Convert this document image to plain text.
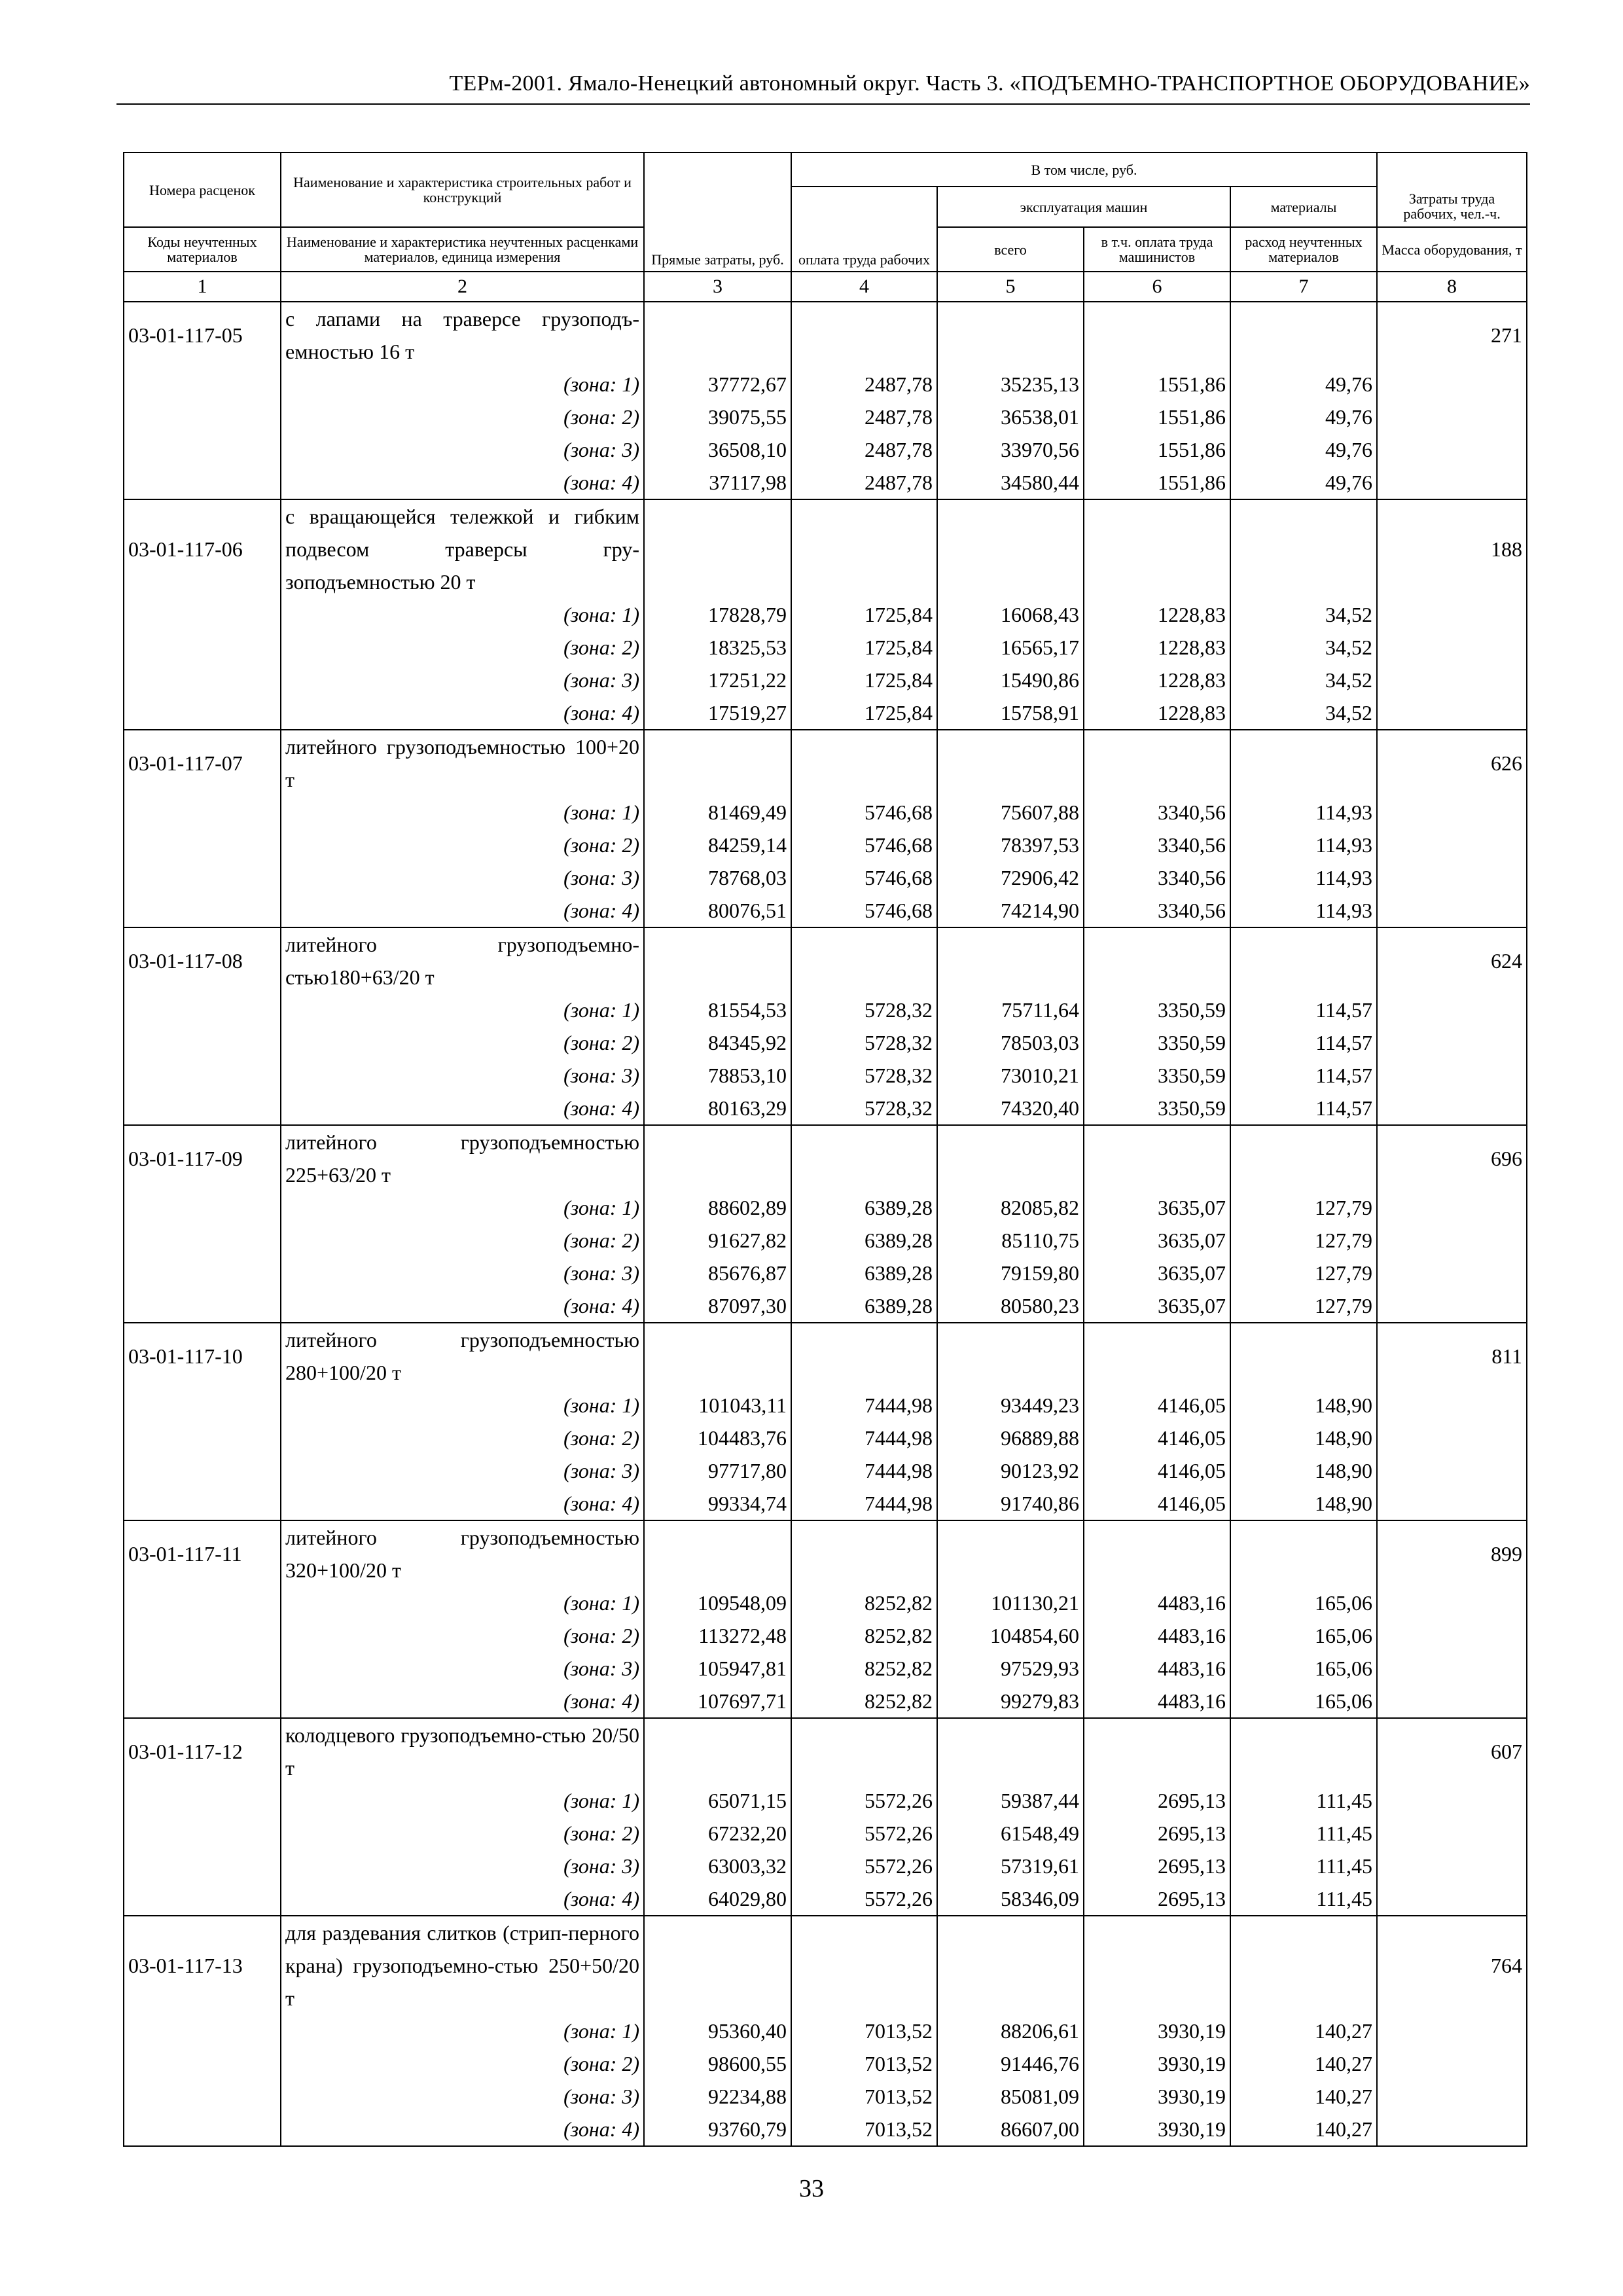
ТЕРм-2001. Ямало-Ненецкий автономный округ. Часть 3. «ПОДЪЕМНО-ТРАНСПОРТНОЕ ОБОРУДОВАНИЕ»
Номера расценок	Наименование и характеристика строительных работ и конструкций	Прямые затраты, руб.	В том числе, руб.				Затраты труда рабочих, чел.-ч.
			оплата труда рабочих	эксплуатация машин		материалы	
Коды неучтенных материалов	Наименование и характеристика неучтенных расценками материалов, единица измерения			всего	в т.ч. оплата труда машинистов	расход неучтенных материалов	Масса оборудования, т
1	2	3	4	5	6	7	8
03-01-117-05	с лапами на траверсе грузоподъ-емностью 16 т						271
	(зона: 1)	37772,67	2487,78	35235,13	1551,86	49,76	
	(зона: 2)	39075,55	2487,78	36538,01	1551,86	49,76	
	(зона: 3)	36508,10	2487,78	33970,56	1551,86	49,76	
	(зона: 4)	37117,98	2487,78	34580,44	1551,86	49,76	
03-01-117-06	с вращающейся тележкой и гибким подвесом траверсы гру-зоподъемностью 20 т						188
	(зона: 1)	17828,79	1725,84	16068,43	1228,83	34,52	
	(зона: 2)	18325,53	1725,84	16565,17	1228,83	34,52	
	(зона: 3)	17251,22	1725,84	15490,86	1228,83	34,52	
	(зона: 4)	17519,27	1725,84	15758,91	1228,83	34,52	
03-01-117-07	литейного грузоподъемностью 100+20 т						626
	(зона: 1)	81469,49	5746,68	75607,88	3340,56	114,93	
	(зона: 2)	84259,14	5746,68	78397,53	3340,56	114,93	
	(зона: 3)	78768,03	5746,68	72906,42	3340,56	114,93	
	(зона: 4)	80076,51	5746,68	74214,90	3340,56	114,93	
03-01-117-08	литейного грузоподъемно-стью180+63/20 т						624
	(зона: 1)	81554,53	5728,32	75711,64	3350,59	114,57	
	(зона: 2)	84345,92	5728,32	78503,03	3350,59	114,57	
	(зона: 3)	78853,10	5728,32	73010,21	3350,59	114,57	
	(зона: 4)	80163,29	5728,32	74320,40	3350,59	114,57	
03-01-117-09	литейного грузоподъемностью 225+63/20 т						696
	(зона: 1)	88602,89	6389,28	82085,82	3635,07	127,79	
	(зона: 2)	91627,82	6389,28	85110,75	3635,07	127,79	
	(зона: 3)	85676,87	6389,28	79159,80	3635,07	127,79	
	(зона: 4)	87097,30	6389,28	80580,23	3635,07	127,79	
03-01-117-10	литейного грузоподъемностью 280+100/20 т						811
	(зона: 1)	101043,11	7444,98	93449,23	4146,05	148,90	
	(зона: 2)	104483,76	7444,98	96889,88	4146,05	148,90	
	(зона: 3)	97717,80	7444,98	90123,92	4146,05	148,90	
	(зона: 4)	99334,74	7444,98	91740,86	4146,05	148,90	
03-01-117-11	литейного грузоподъемностью 320+100/20 т						899
	(зона: 1)	109548,09	8252,82	101130,21	4483,16	165,06	
	(зона: 2)	113272,48	8252,82	104854,60	4483,16	165,06	
	(зона: 3)	105947,81	8252,82	97529,93	4483,16	165,06	
	(зона: 4)	107697,71	8252,82	99279,83	4483,16	165,06	
03-01-117-12	колодцевого грузоподъемно-стью 20/50 т						607
	(зона: 1)	65071,15	5572,26	59387,44	2695,13	111,45	
	(зона: 2)	67232,20	5572,26	61548,49	2695,13	111,45	
	(зона: 3)	63003,32	5572,26	57319,61	2695,13	111,45	
	(зона: 4)	64029,80	5572,26	58346,09	2695,13	111,45	
03-01-117-13	для раздевания слитков (стрип-перного крана) грузоподъемно-стью 250+50/20 т						764
	(зона: 1)	95360,40	7013,52	88206,61	3930,19	140,27	
	(зона: 2)	98600,55	7013,52	91446,76	3930,19	140,27	
	(зона: 3)	92234,88	7013,52	85081,09	3930,19	140,27	
	(зона: 4)	93760,79	7013,52	86607,00	3930,19	140,27	
33
